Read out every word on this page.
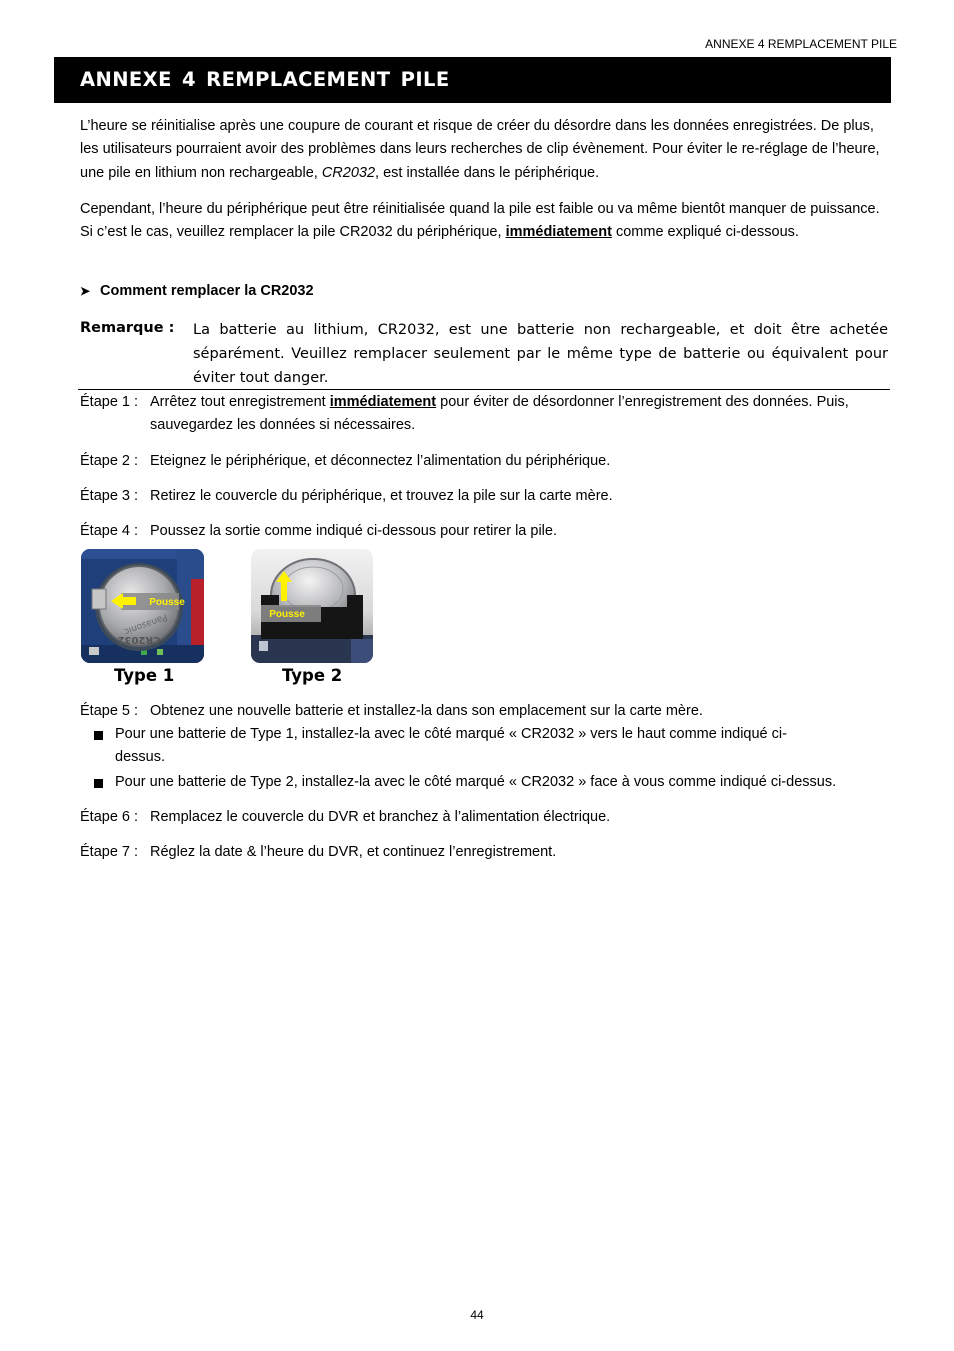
ANNEXE 4 REMPLACEMENT PILE
ANNEXE 4 REMPLACEMENT PILE
L’heure se réinitialise après une coupure de courant et risque de créer du désordre dans les données enregistrées. De plus, les utilisateurs pourraient avoir des problèmes dans leurs recherches de clip évènement. Pour éviter le re-réglage de l’heure, une pile en lithium non rechargeable, CR2032, est installée dans le périphérique.
Cependant, l’heure du périphérique peut être réinitialisée quand la pile est faible ou va même bientôt manquer de puissance. Si c’est le cas, veuillez remplacer la pile CR2032 du périphérique, immédiatement comme expliqué ci-dessous.
➤ Comment remplacer la CR2032
Remarque : La batterie au lithium, CR2032, est une batterie non rechargeable, et doit être achetée séparément. Veuillez remplacer seulement par le même type de batterie ou équivalent pour éviter tout danger.
Étape 1 : Arrêtez tout enregistrement immédiatement pour éviter de désordonner l’enregistrement des données. Puis, sauvegardez les données si nécessaires.
Étape 2 : Eteignez le périphérique, et déconnectez l’alimentation du périphérique.
Étape 3 : Retirez le couvercle du périphérique, et trouvez la pile sur la carte mère.
Étape 4 : Poussez la sortie comme indiqué ci-dessous pour retirer la pile.
CR2032
Panasonic
Pousse
Pousse
Type 1	Type 2
Étape 5 : Obtenez une nouvelle batterie et installez-la dans son emplacement sur la carte mère.
Pour une batterie de Type 1, installez-la avec le côté marqué « CR2032 » vers le haut comme indiqué ci-dessus.
Pour une batterie de Type 2, installez-la avec le côté marqué « CR2032 » face à vous comme indiqué ci-dessus.
Étape 6 : Remplacez le couvercle du DVR et branchez à l’alimentation électrique.
Étape 7 : Réglez la date & l’heure du DVR, et continuez l’enregistrement.
44
